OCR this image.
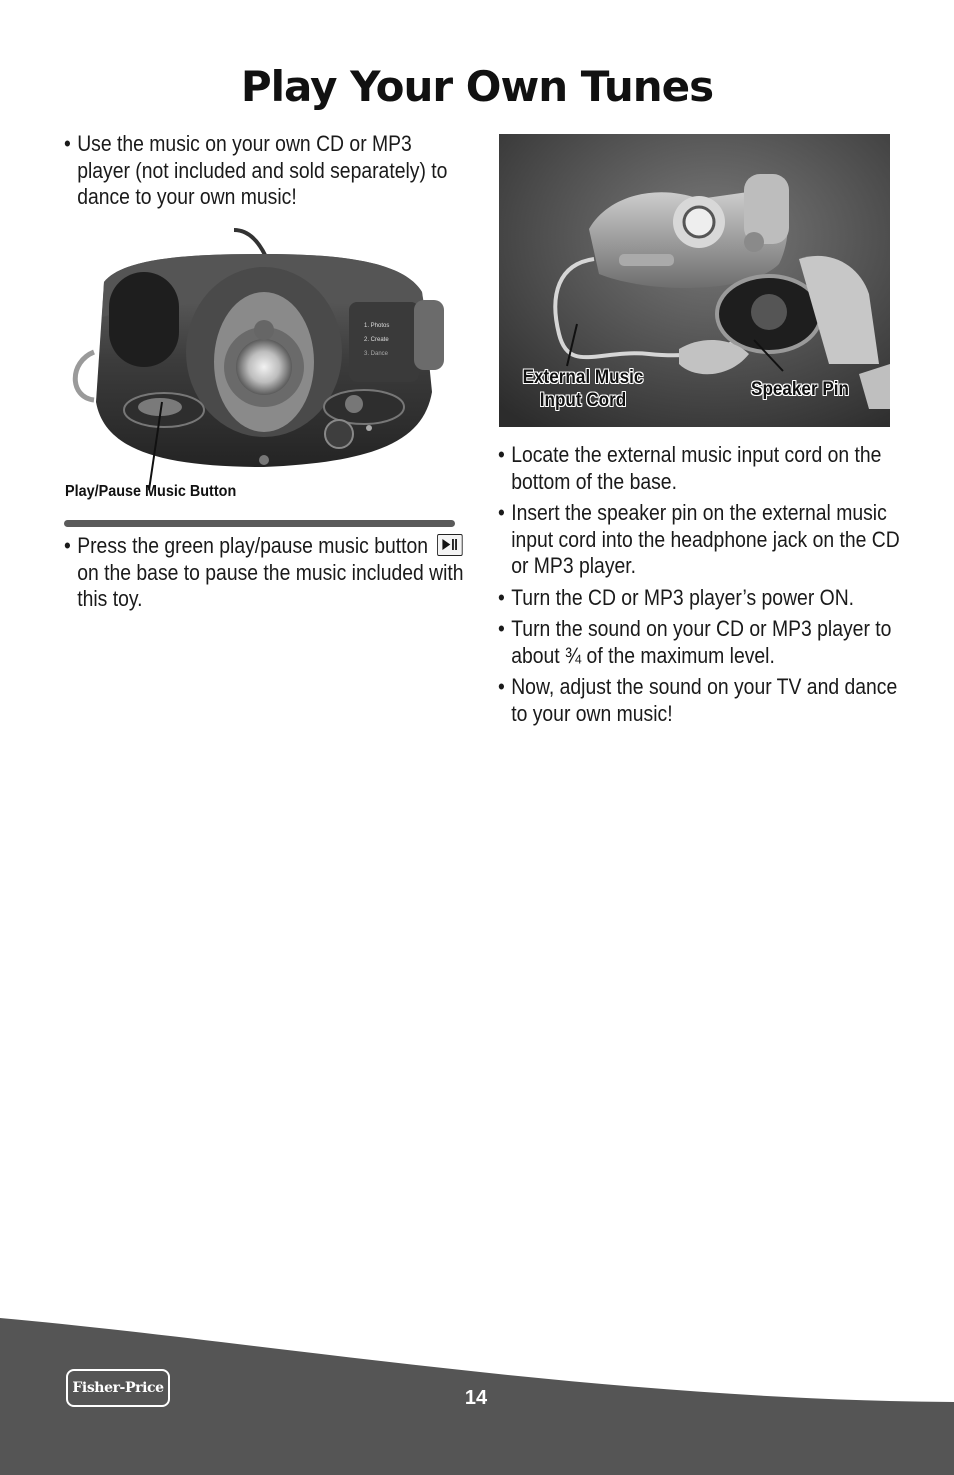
Play Your Own Tunes
• Use the music on your own CD or MP3 player (not included and sold separately) to dance to your own music!
1. Photos
2. Create
3. Dance
Play/Pause Music Button
• Press the green play/pause music button
on the base to pause the music included with this toy.
External Music
Input Cord
Speaker Pin
• Locate the external music input cord on the bottom of the base.
• Insert the speaker pin on the external music input cord into the headphone jack on the CD or MP3 player.
• Turn the CD or MP3 player’s power ON.
• Turn the sound on your CD or MP3 player to about ¾ of the maximum level.
• Now, adjust the sound on your TV and dance to your own music!
Fisher-Price	14
